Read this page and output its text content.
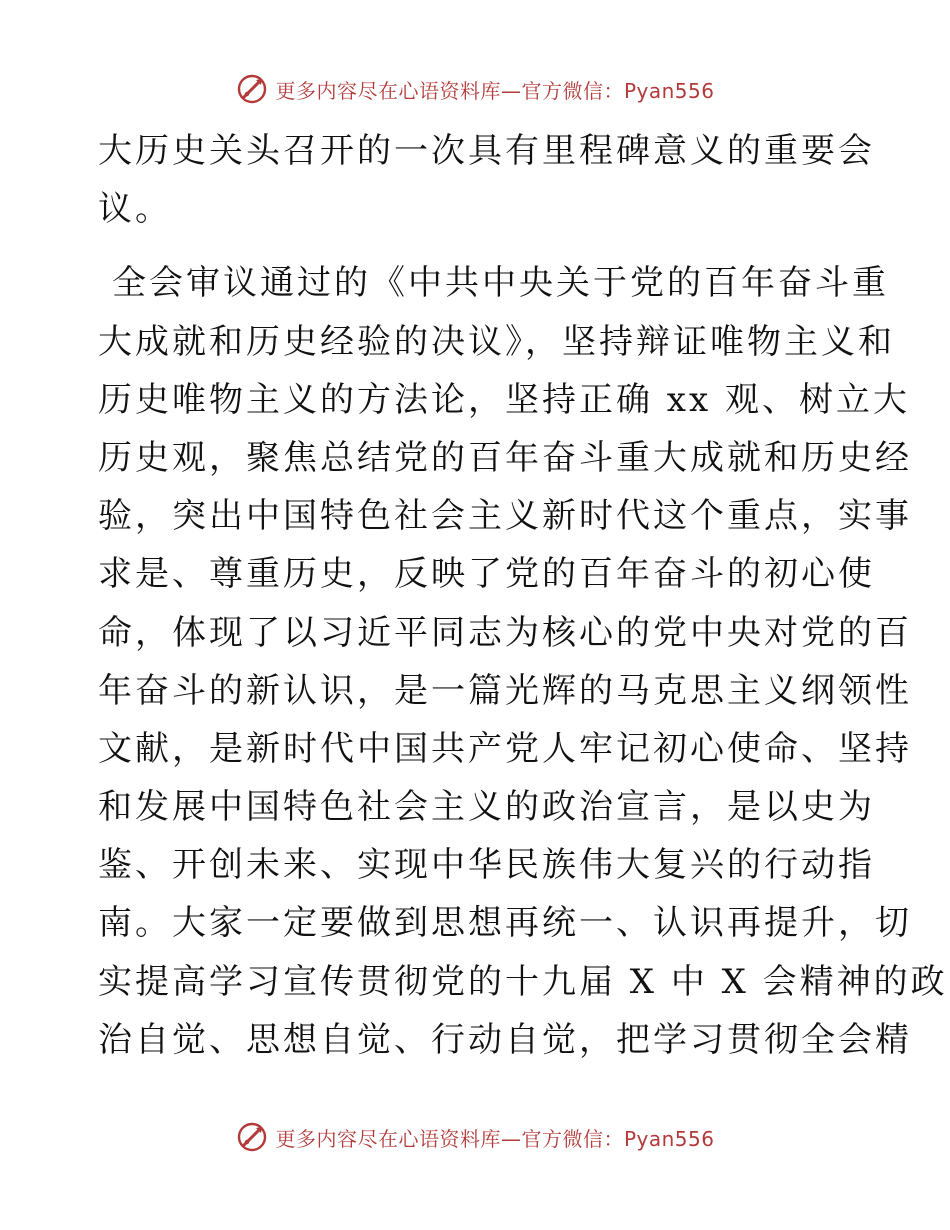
更多内容尽在心语资料库—官方微信：Pyan556
大历史关头召开的一次具有里程碑意义的重要会
议。
全会审议通过的《中共中央关于党的百年奋斗重
大成就和历史经验的决议》，坚持辩证唯物主义和
历史唯物主义的方法论，坚持正确 xx 观、树立大
历史观，聚焦总结党的百年奋斗重大成就和历史经
验，突出中国特色社会主义新时代这个重点，实事
求是、尊重历史，反映了党的百年奋斗的初心使
命，体现了以习近平同志为核心的党中央对党的百
年奋斗的新认识，是一篇光辉的马克思主义纲领性
文献，是新时代中国共产党人牢记初心使命、坚持
和发展中国特色社会主义的政治宣言，是以史为
鉴、开创未来、实现中华民族伟大复兴的行动指
南。大家一定要做到思想再统一、认识再提升，切
实提高学习宣传贯彻党的十九届 X 中 X 会精神的政
治自觉、思想自觉、行动自觉，把学习贯彻全会精
更多内容尽在心语资料库—官方微信：Pyan556
